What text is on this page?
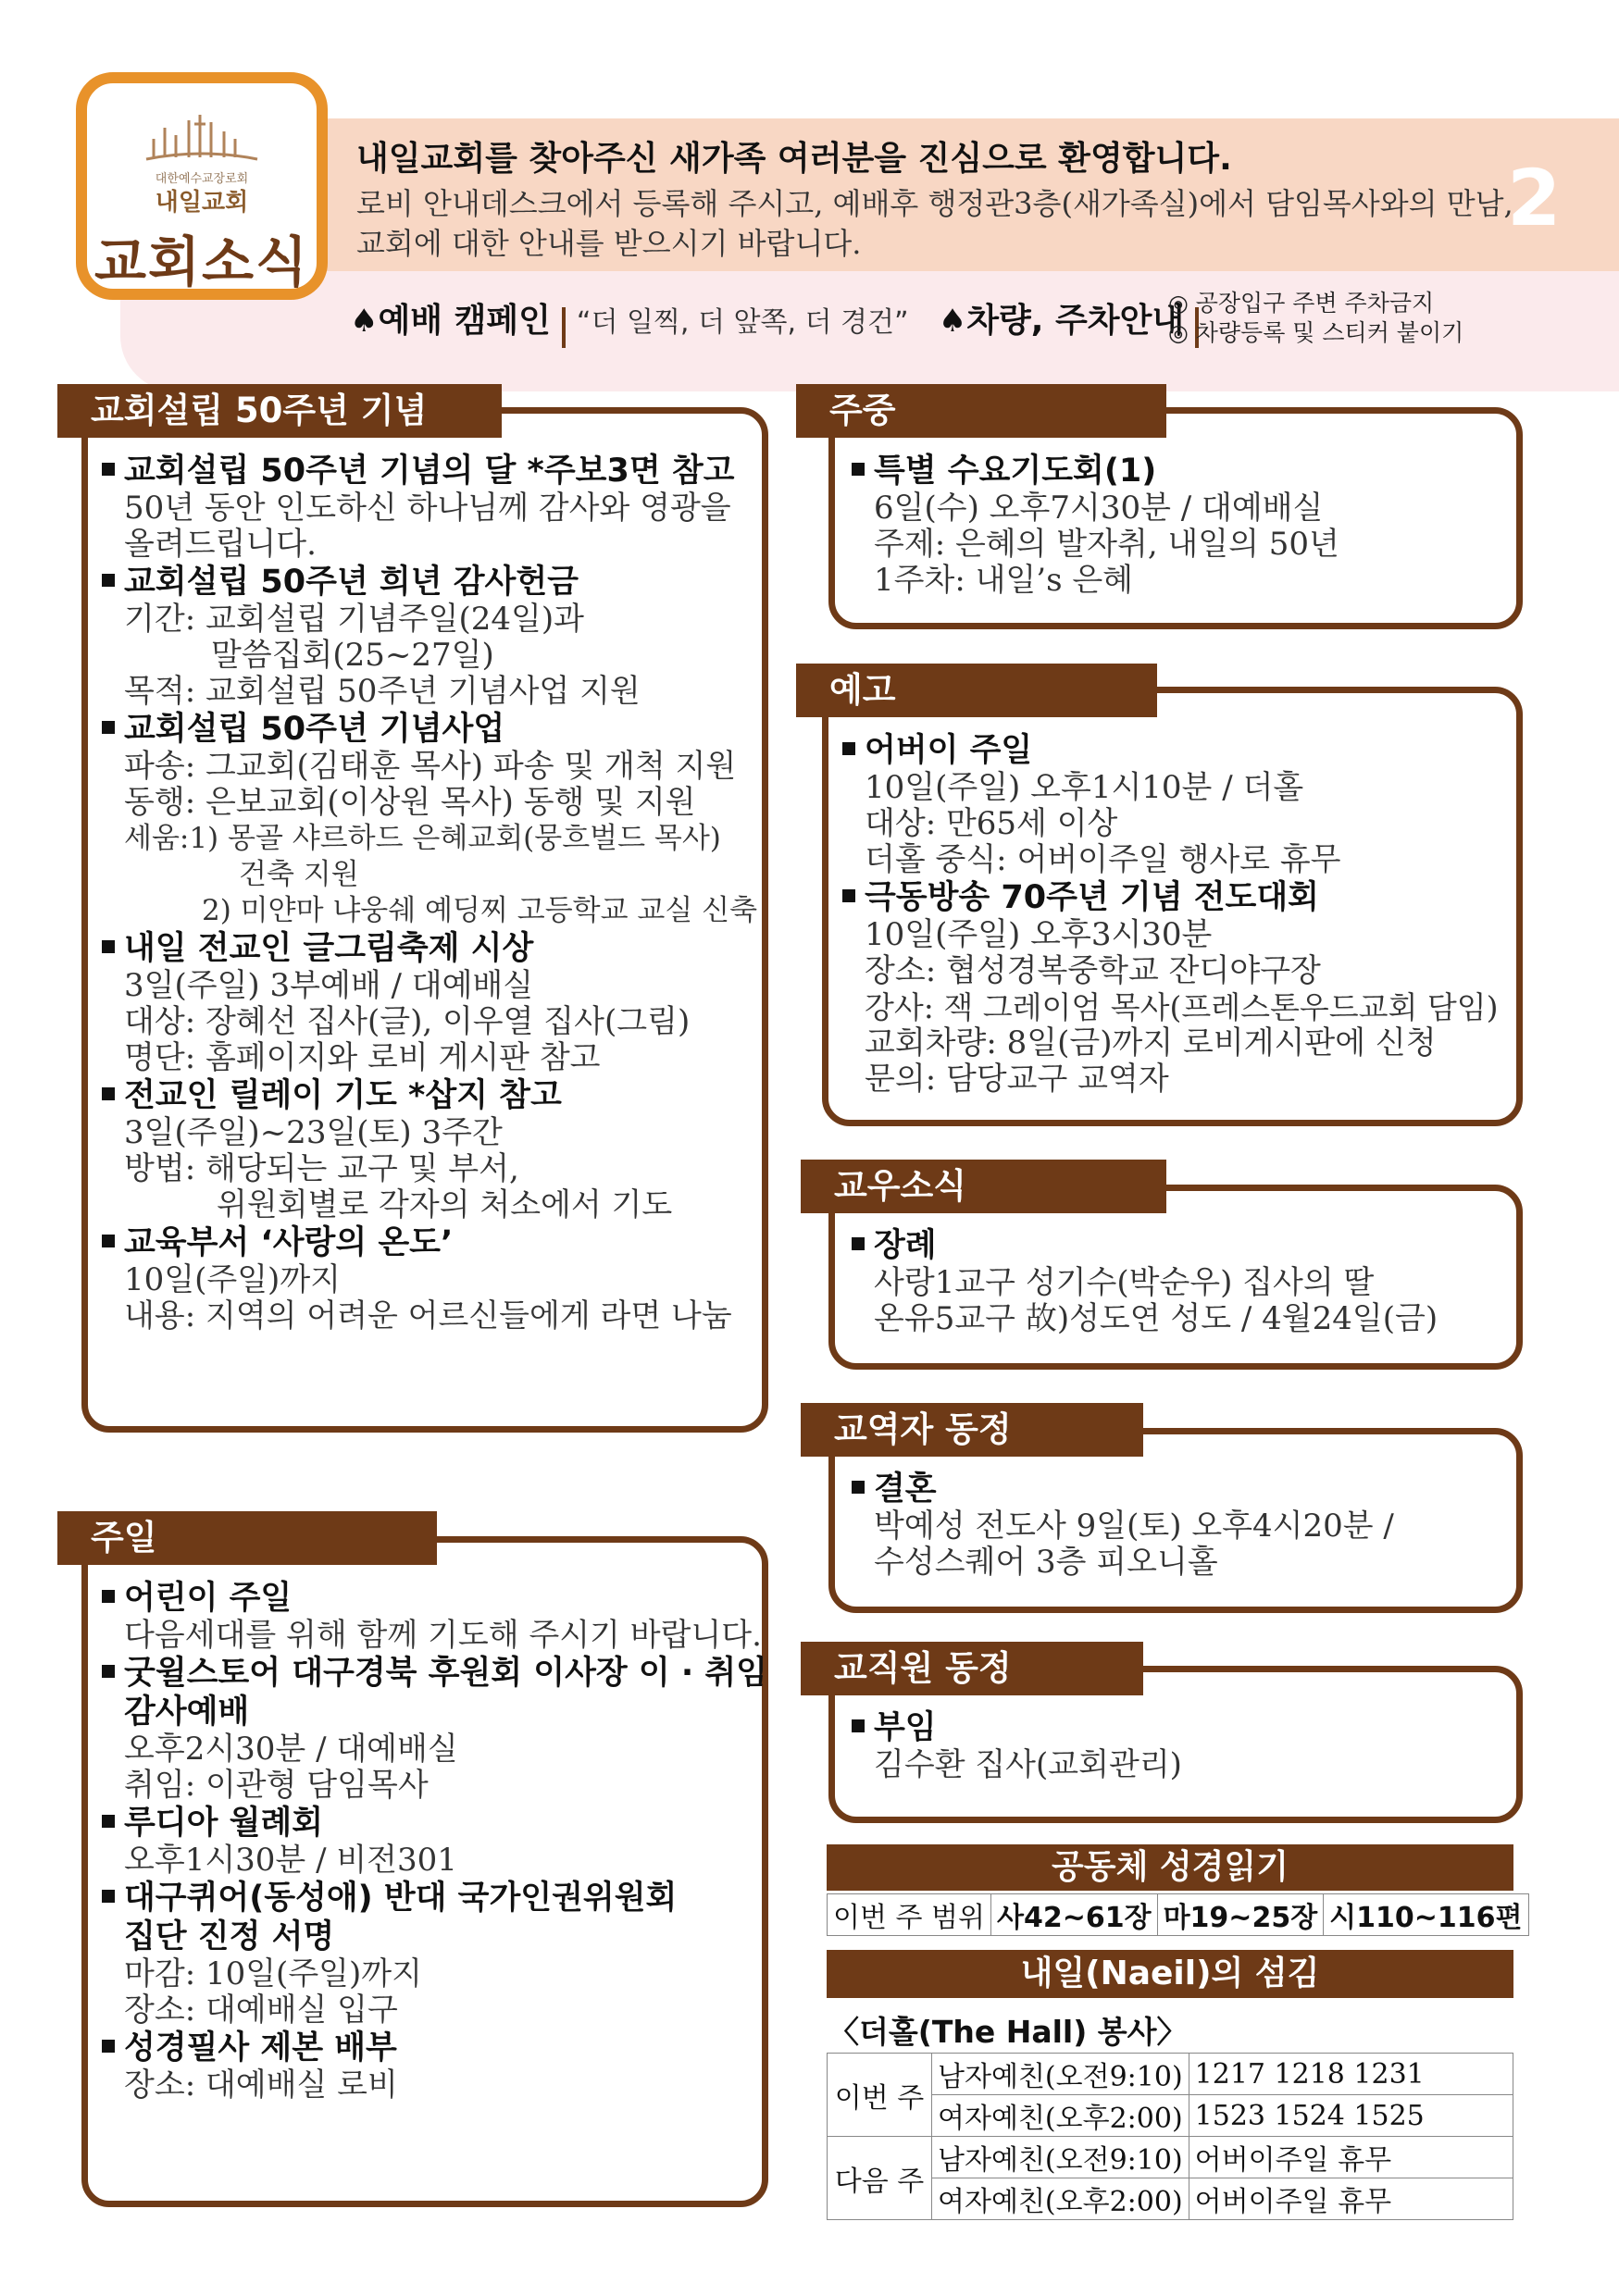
대한예수교장로회
내일교회
교회소식
내일교회를 찾아주신 새가족 여러분을 진심으로 환영합니다.
로비 안내데스크에서 등록해 주시고, 예배후 행정관3층(새가족실)에서 담임목사와의 만남,
교회에 대한 안내를 받으시기 바랍니다.	2
♠예배 캠페인 “더 일찍, 더 앞쪽, 더 경건” ♠차량, 주차안내
◎ 공장입구 주변 주차금지
◎ 차량등록 및 스티커 붙이기
교회설립 50주년 기념
교회설립 50주년 기념의 달 *주보3면 참고
50년 동안 인도하신 하나님께 감사와 영광을
올려드립니다.
교회설립 50주년 희년 감사헌금
기간: 교회설립 기념주일(24일)과
말씀집회(25~27일)
목적: 교회설립 50주년 기념사업 지원
교회설립 50주년 기념사업
파송: 그교회(김태훈 목사) 파송 및 개척 지원
동행: 은보교회(이상원 목사) 동행 및 지원
세움:1) 몽골 샤르하드 은혜교회(뭉흐벌드 목사)
건축 지원
2) 미얀마 냐웅쉐 예딩찌 고등학교 교실 신축
내일 전교인 글그림축제 시상
3일(주일) 3부예배 / 대예배실
대상: 장혜선 집사(글), 이우열 집사(그림)
명단: 홈페이지와 로비 게시판 참고
전교인 릴레이 기도 *삽지 참고
3일(주일)~23일(토) 3주간
방법: 해당되는 교구 및 부서,
위원회별로 각자의 처소에서 기도
교육부서 ‘사랑의 온도’
10일(주일)까지
내용: 지역의 어려운 어르신들에게 라면 나눔
주일
어린이 주일
다음세대를 위해 함께 기도해 주시기 바랍니다.
굿윌스토어 대구경북 후원회 이사장 이 · 취임
감사예배
오후2시30분 / 대예배실
취임: 이관형 담임목사
루디아 월례회
오후1시30분 / 비전301
대구퀴어(동성애) 반대 국가인권위원회
집단 진정 서명
마감: 10일(주일)까지
장소: 대예배실 입구
성경필사 제본 배부
장소: 대예배실 로비
주중
특별 수요기도회(1)
6일(수) 오후7시30분 / 대예배실
주제: 은혜의 발자취, 내일의 50년
1주차: 내일’s 은혜
예고
어버이 주일
10일(주일) 오후1시10분 / 더홀
대상: 만65세 이상
더홀 중식: 어버이주일 행사로 휴무
극동방송 70주년 기념 전도대회
10일(주일) 오후3시30분
장소: 협성경복중학교 잔디야구장
강사: 잭 그레이엄 목사(프레스톤우드교회 담임)
교회차량: 8일(금)까지 로비게시판에 신청
문의: 담당교구 교역자
교우소식
장례
사랑1교구 성기수(박순우) 집사의 딸
온유5교구 故)성도연 성도 / 4월24일(금)
교역자 동정
결혼
박예성 전도사 9일(토) 오후4시20분 /
수성스퀘어 3층 피오니홀
교직원 동정
부임
김수환 집사(교회관리)
공동체 성경읽기
이번 주 범위	사42~61장	마19~25장	시110~116편
내일(Naeil)의 섬김
〈더홀(The Hall) 봉사〉
이번 주	남자예친(오전9:10)	1217 1218 1231
	여자예친(오후2:00)	1523 1524 1525
다음 주	남자예친(오전9:10)	어버이주일 휴무
	여자예친(오후2:00)	어버이주일 휴무
